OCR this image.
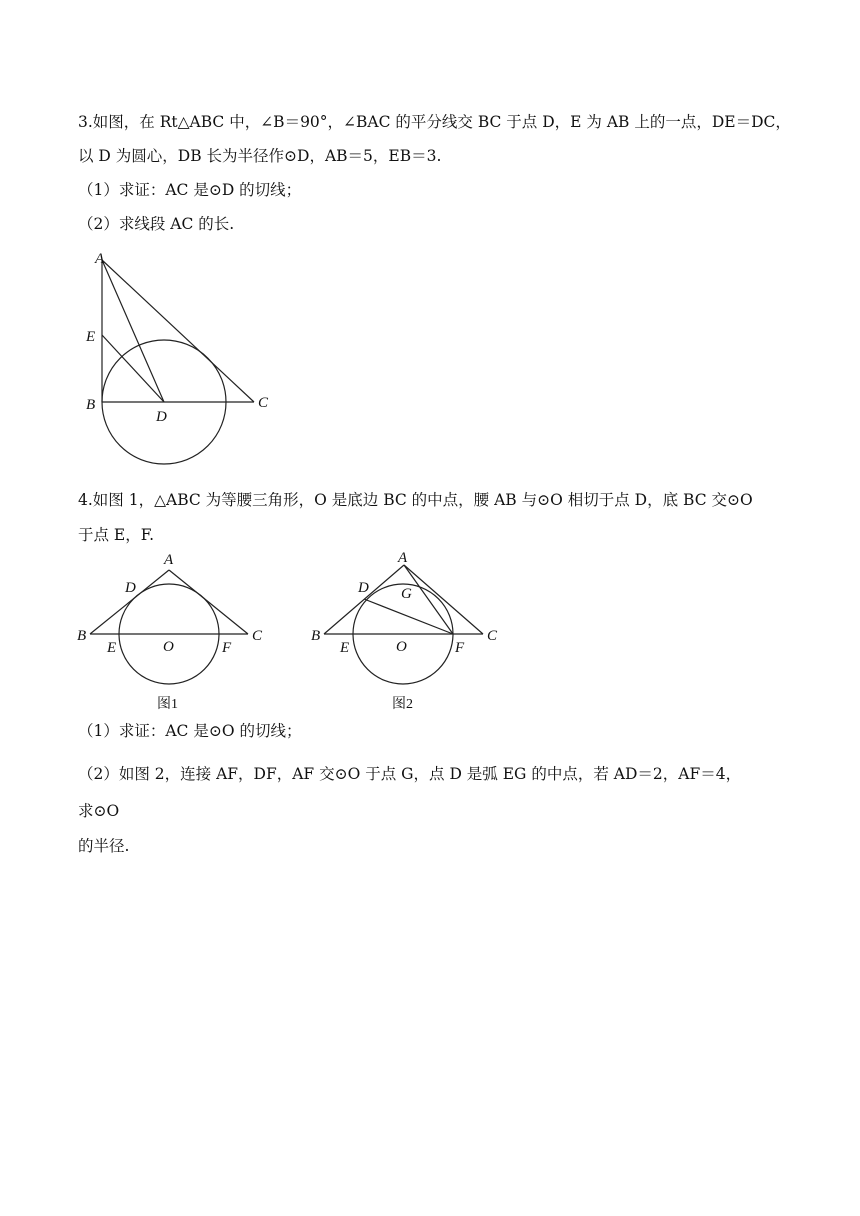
3.如图，在 Rt△ABC 中，∠B＝90°，∠BAC 的平分线交 BC 于点 D，E 为 AB 上的一点，DE＝DC，
以 D 为圆心，DB 长为半径作⊙D，AB＝5，EB＝3.
（1）求证：AC 是⊙D 的切线；
（2）求线段 AC 的长.
A
E
B
D
C
4.如图 1，△ABC 为等腰三角形，O 是底边 BC 的中点，腰 AB 与⊙O 相切于点 D，底 BC 交⊙O
于点 E，F.
A
D
B	C
E	O	F
图1
A
D G
B	C
E	O	F
图2
（1）求证：AC 是⊙O 的切线；
（2）如图 2，连接 AF，DF，AF 交⊙O 于点 G，点 D 是弧 EG 的中点，若 AD＝2，AF＝4，
求⊙O
的半径.
